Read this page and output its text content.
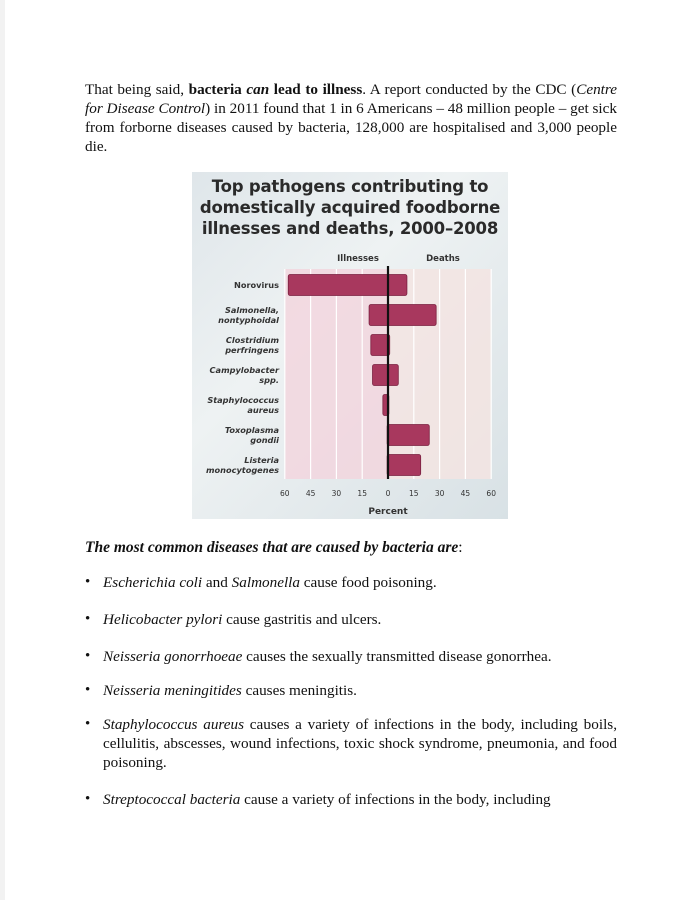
That being said, bacteria can lead to illness. A report conducted by the CDC (Centre for Disease Control) in 2011 found that 1 in 6 Americans – 48 million people – get sick from forborne diseases caused by bacteria, 128,000 are hospitalised and 3,000 people die.

Top pathogens contributing to
domestically acquired foodborne
illnesses and deaths, 2000–2008
Illnesses	Deaths
Norovirus
Salmonella, nontyphoidal
Clostridium perfringens
Campylobacter spp.
Staphylococcus aureus
Toxoplasma gondii
Listeria monocytogenes
60 45 30 15 0 15 30 45 60
Percent
The most common diseases that are caused by bacteria are:
• Escherichia coli and Salmonella cause food poisoning.
• Helicobacter pylori cause gastritis and ulcers.
• Neisseria gonorrhoeae causes the sexually transmitted disease gonorrhea.
• Neisseria meningitides causes meningitis.
• Staphylococcus aureus causes a variety of infections in the body, including boils, cellulitis, abscesses, wound infections, toxic shock syndrome, pneumonia, and food poisoning.
• Streptococcal bacteria cause a variety of infections in the body, including
